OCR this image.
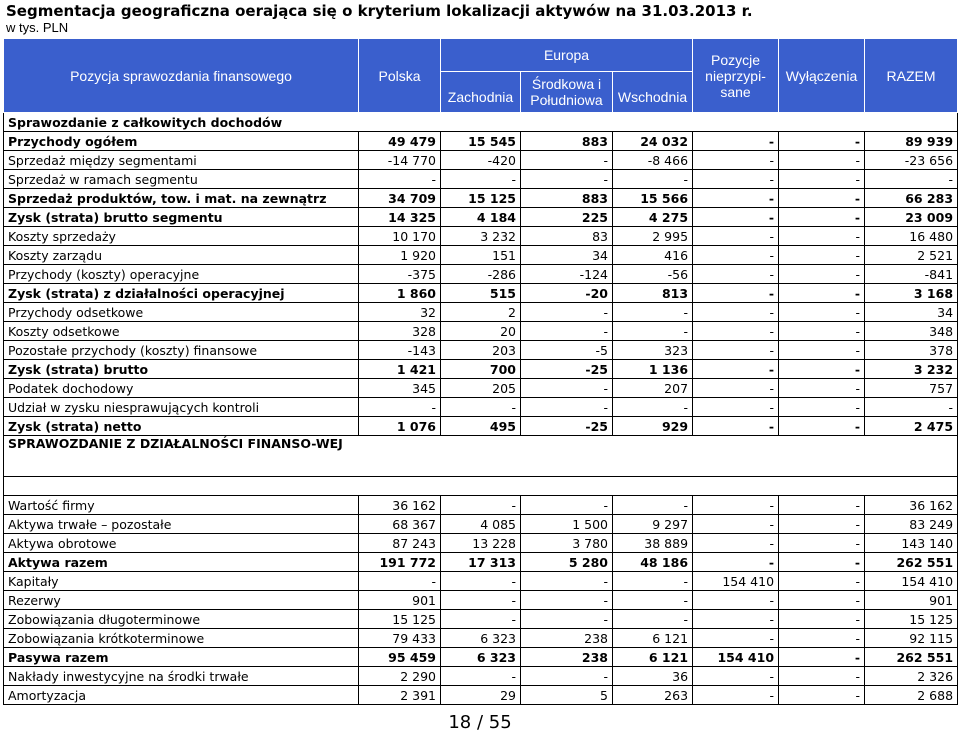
Segmentacja geograficzna oerająca się o kryterium lokalizacji aktywów na 31.03.2013 r.
w tys. PLN
Pozycja sprawozdania finansowego	Polska	Europa			Pozycje nieprzypi-sane	Wyłączenia	RAZEM
		Zachodnia	Środkowa i Południowa	Wschodnia			
Sprawozdanie z całkowitych dochodów							
Przychody ogółem	49 479	15 545	883	24 032	-	-	89 939
Sprzedaż między segmentami	-14 770	-420	-	-8 466	-	-	-23 656
Sprzedaż w ramach segmentu	-	-	-	-	-	-	-
Sprzedaż produktów, tow. i mat. na zewnątrz	34 709	15 125	883	15 566	-	-	66 283
Zysk (strata) brutto segmentu	14 325	4 184	225	4 275	-	-	23 009
Koszty sprzedaży	10 170	3 232	83	2 995	-	-	16 480
Koszty zarządu	1 920	151	34	416	-	-	2 521
Przychody (koszty) operacyjne	-375	-286	-124	-56	-	-	-841
Zysk (strata) z działalności operacyjnej	1 860	515	-20	813	-	-	3 168
Przychody odsetkowe	32	2	-	-	-	-	34
Koszty odsetkowe	328	20	-	-	-	-	348
Pozostałe przychody (koszty) finansowe	-143	203	-5	323	-	-	378
Zysk (strata) brutto	1 421	700	-25	1 136	-	-	3 232
Podatek dochodowy	345	205	-	207	-	-	757
Udział w zysku niesprawujących kontroli	-	-	-	-	-	-	-
Zysk (strata) netto	1 076	495	-25	929	-	-	2 475
SPRAWOZDANIE Z DZIAŁALNOŚCI FINANSO-WEJ							

Wartość firmy	36 162	-	-	-	-	-	36 162
Aktywa trwałe – pozostałe	68 367	4 085	1 500	9 297	-	-	83 249
Aktywa obrotowe	87 243	13 228	3 780	38 889	-	-	143 140
Aktywa razem	191 772	17 313	5 280	48 186	-	-	262 551
Kapitały	-	-	-	-	154 410	-	154 410
Rezerwy	901	-	-	-	-	-	901
Zobowiązania długoterminowe	15 125	-	-	-	-	-	15 125
Zobowiązania krótkoterminowe	79 433	6 323	238	6 121	-	-	92 115
Pasywa razem	95 459	6 323	238	6 121	154 410	-	262 551
Nakłady inwestycyjne na środki trwałe	2 290	-	-	36	-	-	2 326
Amortyzacja	2 391	29	5	263	-	-	2 688
18 / 55
